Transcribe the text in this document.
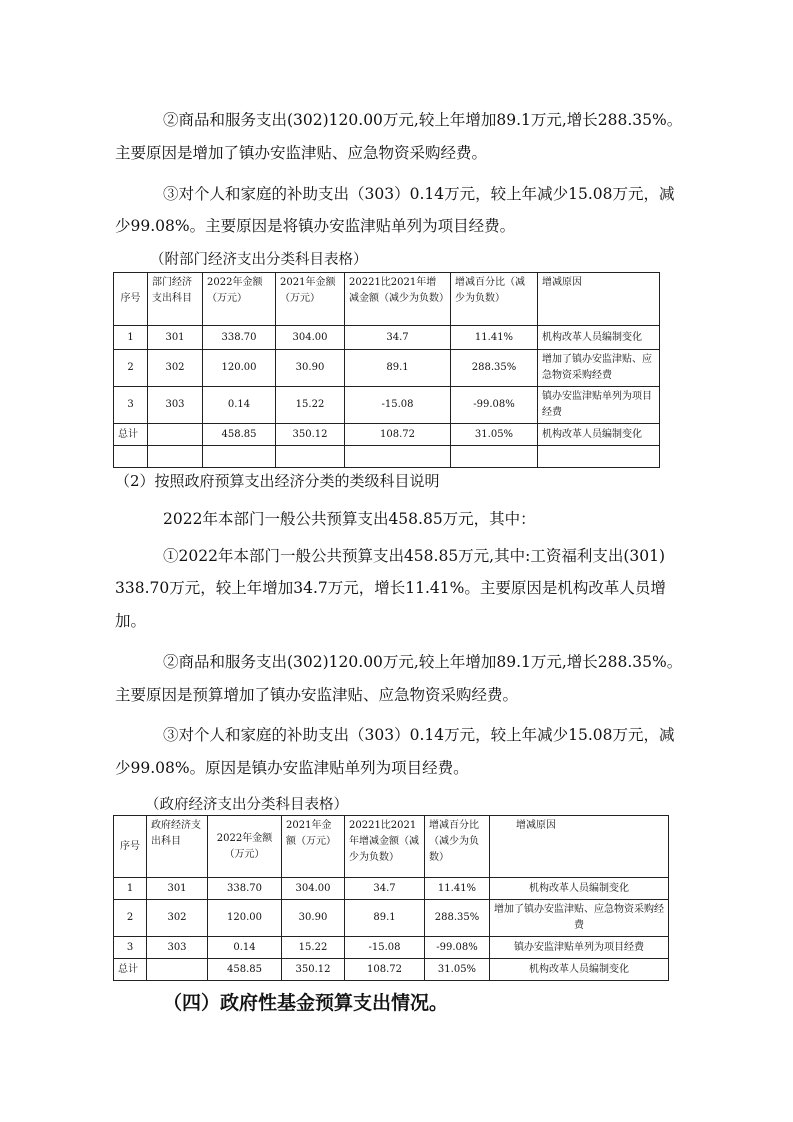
②商品和服务支出(302)120.00万元,较上年增加89.1万元,增长288.35%。
主要原因是增加了镇办安监津贴、应急物资采购经费。
③对个人和家庭的补助支出（303）0.14万元，较上年减少15.08万元，减
少99.08%。主要原因是将镇办安监津贴单列为项目经费。
（附部门经济支出分类科目表格）
序号	部门经济支出科目	2022年金额（万元）	2021年金额（万元）	20221比2021年增减金额（减少为负数）	增减百分比（减少为负数）	增减原因
1	301	338.70	304.00	34.7	11.41%	机构改革人员编制变化
2	302	120.00	30.90	89.1	288.35%	增加了镇办安监津贴、应急物资采购经费
3	303	0.14	15.22	-15.08	-99.08%	镇办安监津贴单列为项目经费
总计		458.85	350.12	108.72	31.05%	机构改革人员编制变化

（2）按照政府预算支出经济分类的类级科目说明
2022年本部门一般公共预算支出458.85万元，其中：
①2022年本部门一般公共预算支出458.85万元,其中:工资福利支出(301)
338.70万元，较上年增加34.7万元，增长11.41%。主要原因是机构改革人员增
加。
②商品和服务支出(302)120.00万元,较上年增加89.1万元,增长288.35%。
主要原因是预算增加了镇办安监津贴、应急物资采购经费。
③对个人和家庭的补助支出（303）0.14万元，较上年减少15.08万元，减
少99.08%。原因是镇办安监津贴单列为项目经费。
（政府经济支出分类科目表格）
序号	政府经济支出科目	2022年金额（万元）	2021年金额（万元）	20221比2021年增减金额（减少为负数）	增减百分比（减少为负数）	增减原因
1	301	338.70	304.00	34.7	11.41%	机构改革人员编制变化
2	302	120.00	30.90	89.1	288.35%	增加了镇办安监津贴、应急物资采购经费
3	303	0.14	15.22	-15.08	-99.08%	镇办安监津贴单列为项目经费
总计		458.85	350.12	108.72	31.05%	机构改革人员编制变化
（四）政府性基金预算支出情况。
